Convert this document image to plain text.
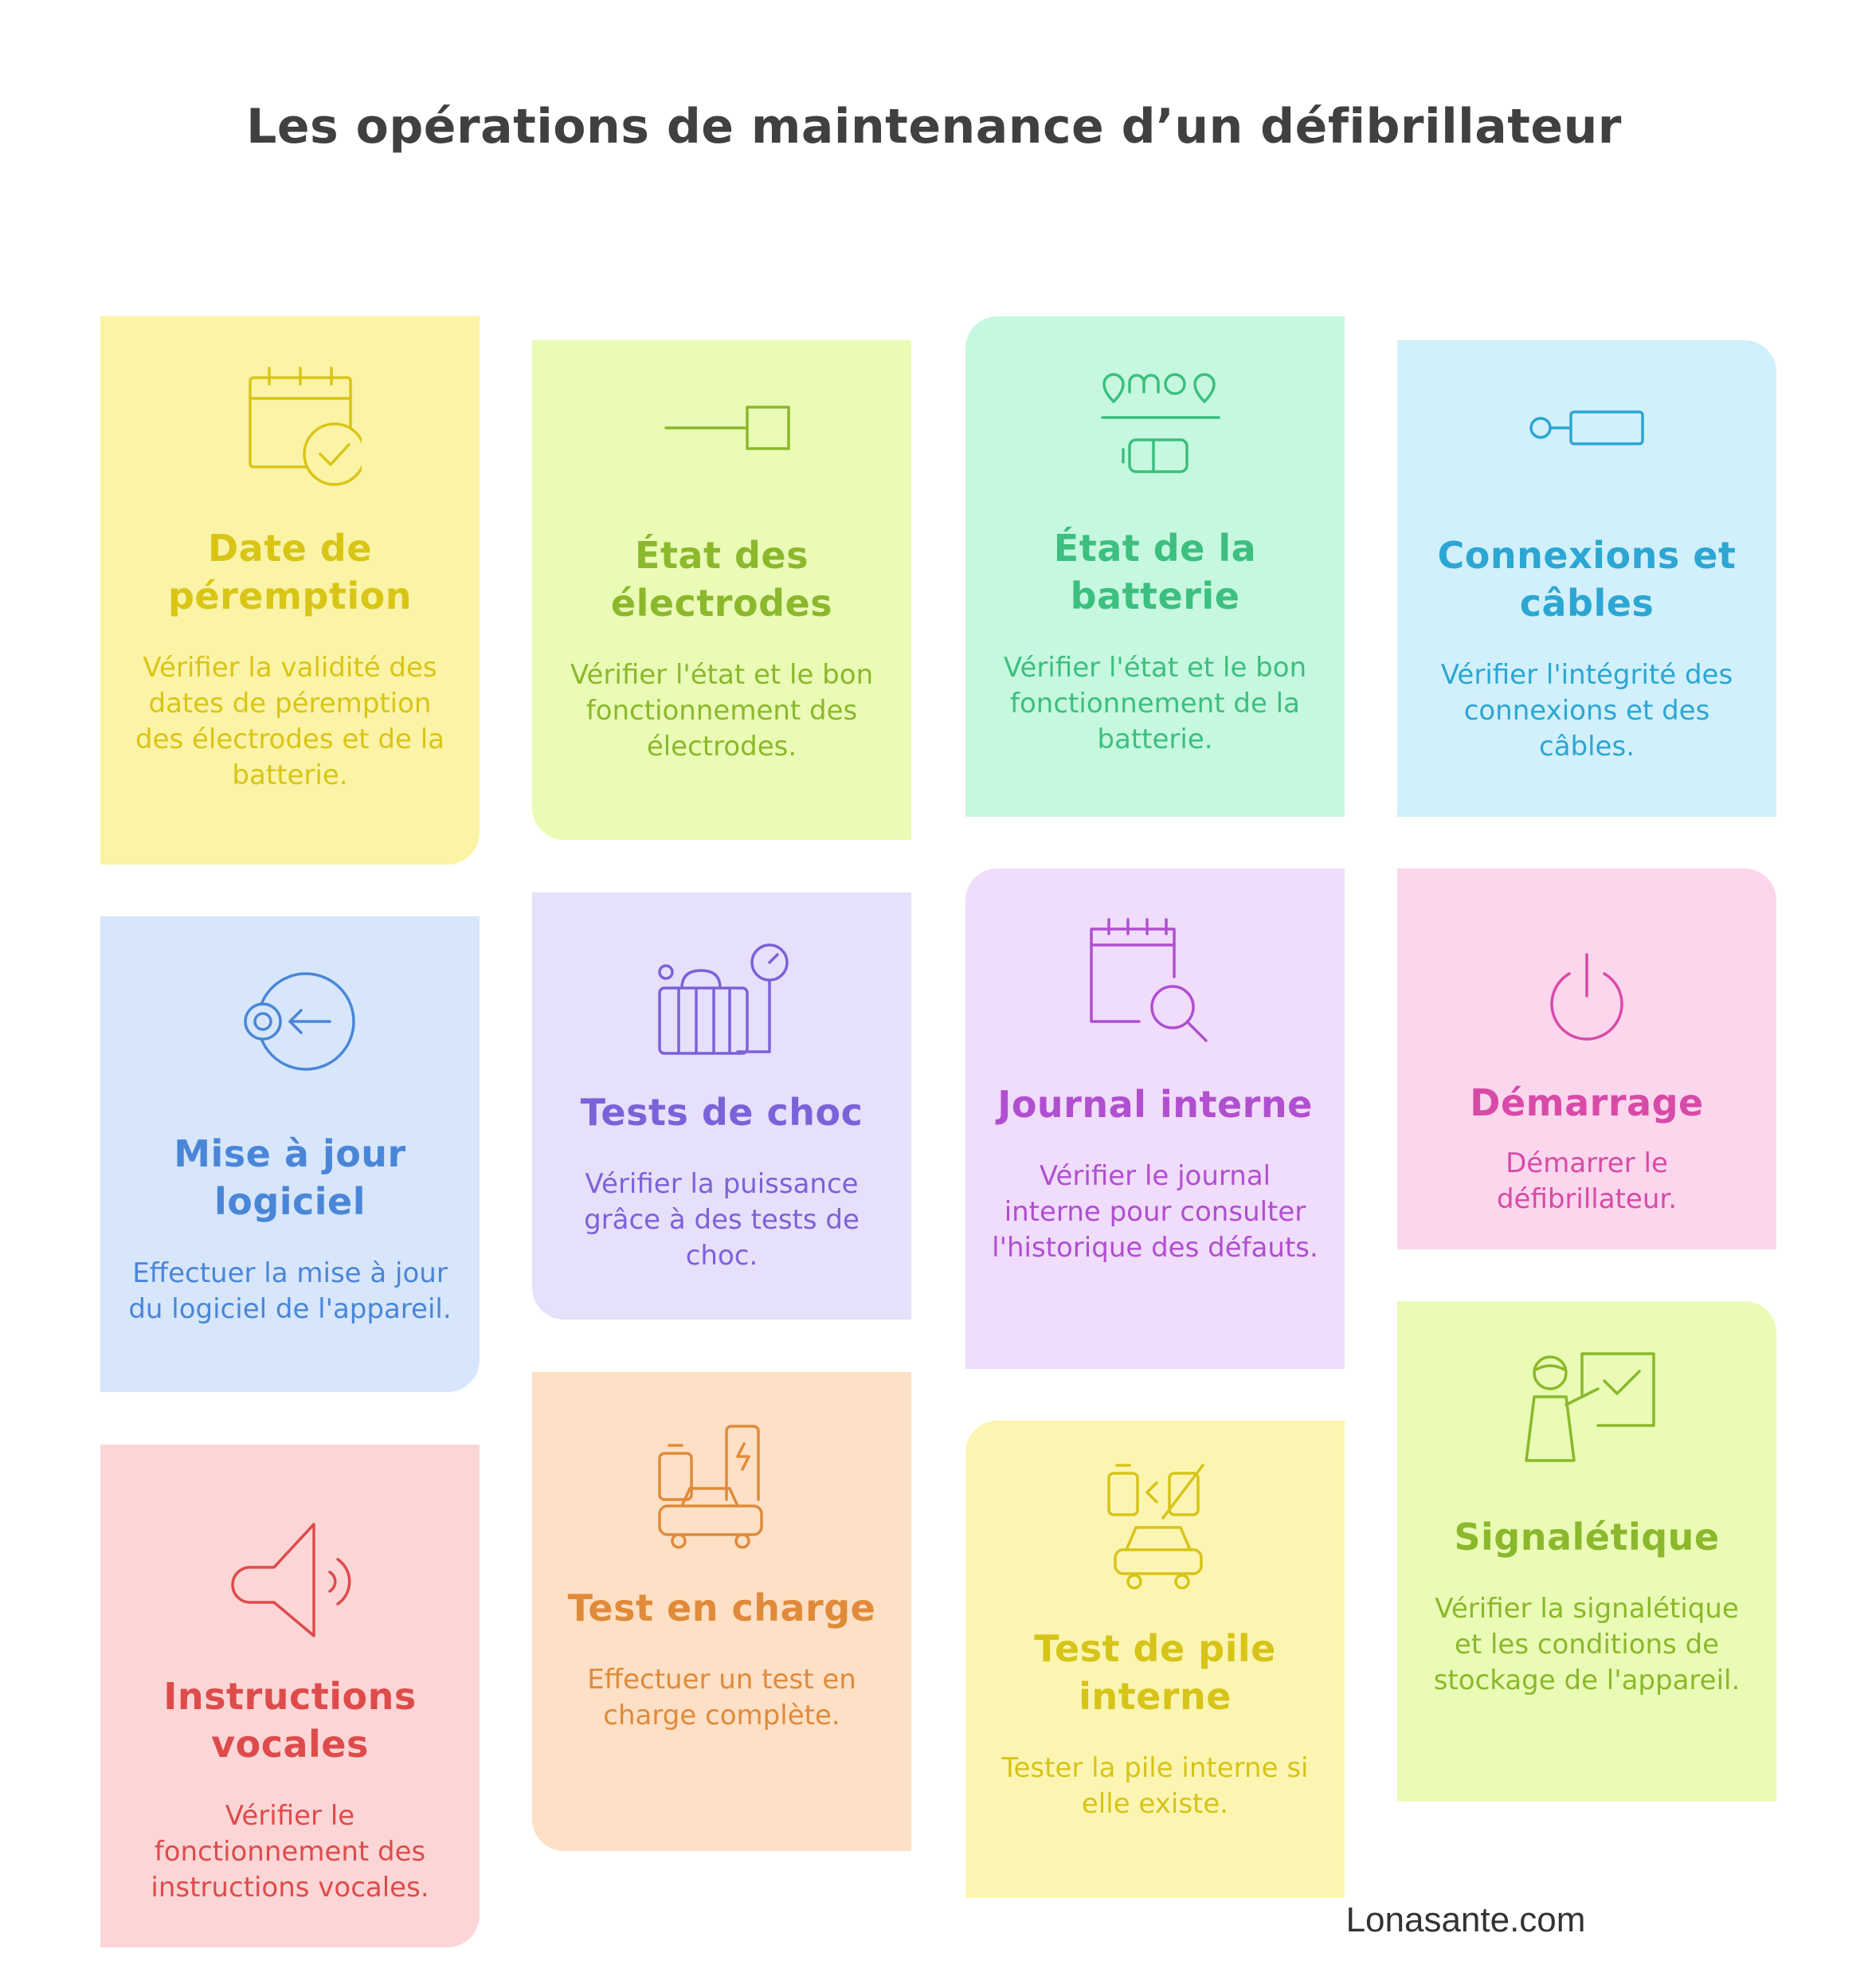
Les opérations de maintenance d’un défibrillateur
Date de péremption

Vérifier la validité des dates de péremption des électrodes et de la batterie.

État des électrodes

Vérifier l'état et le bon fonctionnement des électrodes.

État de la batterie

Vérifier l'état et le bon fonctionnement de la batterie.

Connexions et câbles

Vérifier l'intégrité des connexions et des câbles.

Mise à jour logiciel

Effectuer la mise à jour du logiciel de l'appareil.

Tests de choc

Vérifier la puissance grâce à des tests de choc.

Journal interne

Vérifier le journal interne pour consulter l'historique des défauts.

Démarrage

Démarrer le défibrillateur.

Instructions vocales

Vérifier le fonctionnement des instructions vocales.

Test en charge

Effectuer un test en charge complète.

Test de pile interne

Tester la pile interne si elle existe.

Signalétique

Vérifier la signalétique et les conditions de stockage de l'appareil.

Lonasante.com
